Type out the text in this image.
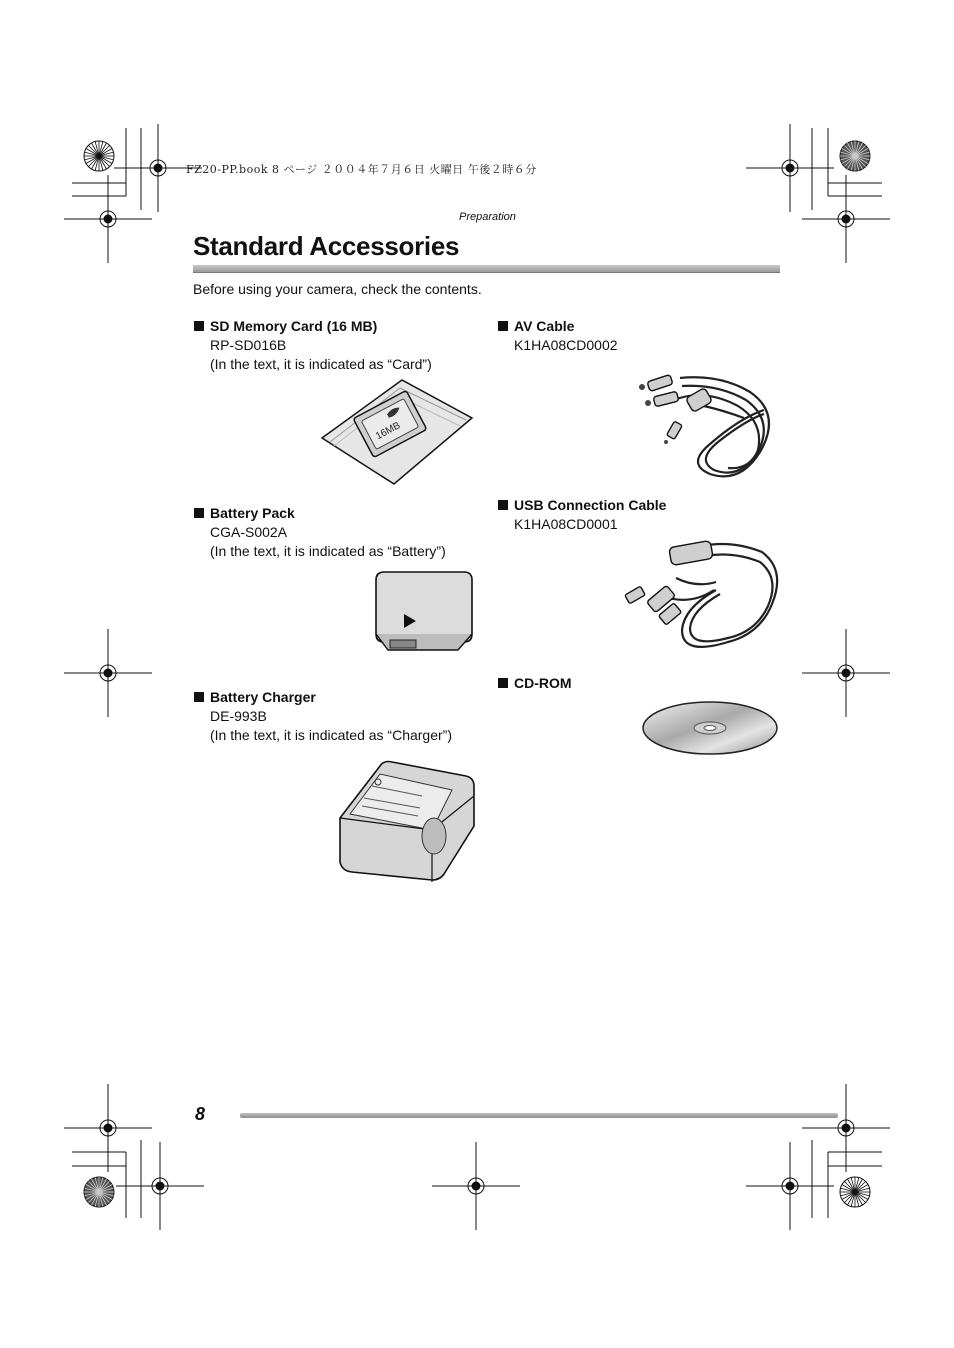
FZ20-PP.book 8 ページ ２００４年７月６日 火曜日 午後２時６分
Preparation
Standard Accessories
Before using your camera, check the contents.
SD Memory Card (16 MB)
RP-SD016B
(In the text, it is indicated as “Card”)
Battery Pack
CGA-S002A
(In the text, it is indicated as “Battery”)
Battery Charger
DE-993B
(In the text, it is indicated as “Charger”)
AV Cable
K1HA08CD0002
USB Connection Cable
K1HA08CD0001
CD-ROM
16MB
8
